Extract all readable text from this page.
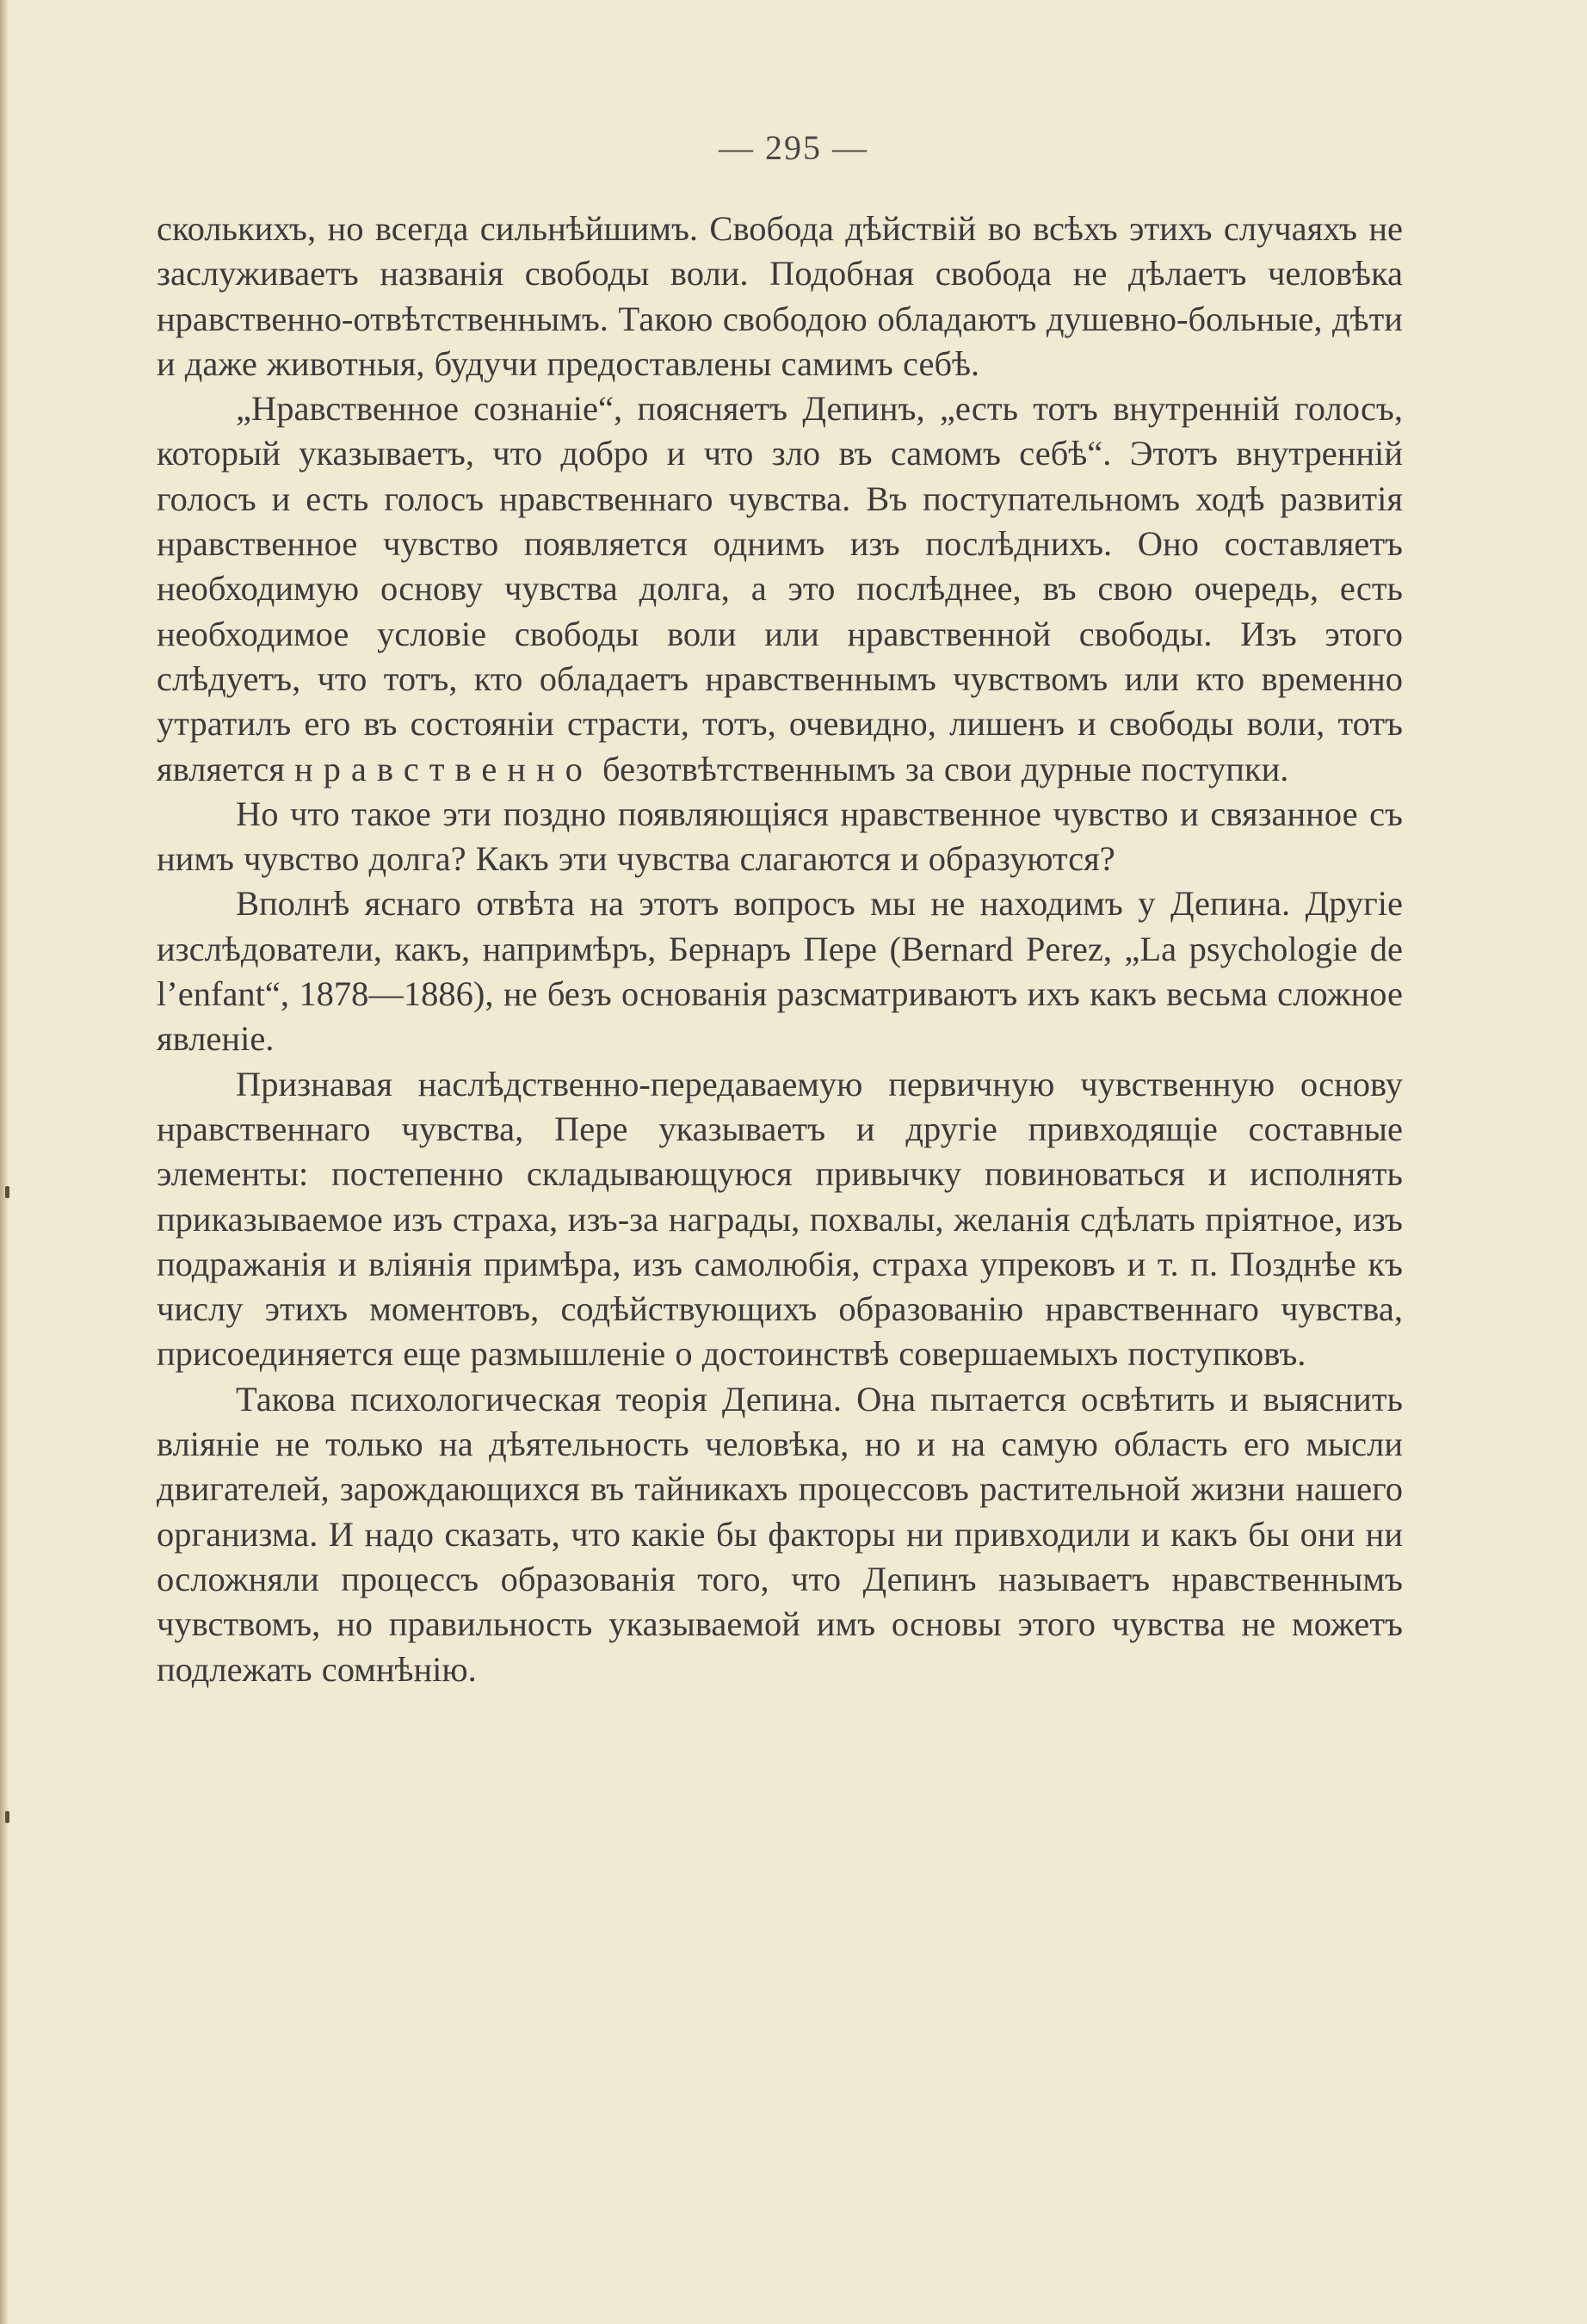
— 295 —

сколькихъ, но всегда сильнѣйшимъ. Свобода дѣйствій во всѣхъ этихъ случаяхъ не заслуживаетъ названія свободы воли. Подобная свобода не дѣлаетъ человѣка нравственно-отвѣтственнымъ. Такою свободою обладаютъ душевно-больные, дѣти и даже животныя, будучи предоставлены самимъ себѣ.

„Нравственное сознаніе“, поясняетъ Депинъ, „есть тотъ внутренній голосъ, который указываетъ, что добро и что зло въ самомъ себѣ“. Этотъ внутренній голосъ и есть голосъ нравственнаго чувства. Въ поступательномъ ходѣ развитія нравственное чувство появляется однимъ изъ послѣднихъ. Оно составляетъ необходимую основу чувства долга, а это послѣднее, въ свою очередь, есть необходимое условіе свободы воли или нравственной свободы. Изъ этого слѣдуетъ, что тотъ, кто обладаетъ нравственнымъ чувствомъ или кто временно утратилъ его въ состояніи страсти, тотъ, очевидно, лишенъ и свободы воли, тотъ является нравственно безотвѣтственнымъ за свои дурные поступки.

Но что такое эти поздно появляющіяся нравственное чувство и связанное съ нимъ чувство долга? Какъ эти чувства слагаются и образуются?

Вполнѣ яснаго отвѣта на этотъ вопросъ мы не находимъ у Депина. Другіе изслѣдователи, какъ, напримѣръ, Бернаръ Пере (Bernard Perez, „La psychologie de l’enfant“, 1878—1886), не безъ основанія разсматриваютъ ихъ какъ весьма сложное явленіе.

Признавая наслѣдственно-передаваемую первичную чувственную основу нравственнаго чувства, Пере указываетъ и другіе привходящіе составные элементы: постепенно складывающуюся привычку повиноваться и исполнять приказываемое изъ страха, изъ-за награды, похвалы, желанія сдѣлать пріятное, изъ подражанія и вліянія примѣра, изъ самолюбія, страха упрековъ и т. п. Позднѣе къ числу этихъ моментовъ, содѣйствующихъ образованію нравственнаго чувства, присоединяется еще размышленіе о достоинствѣ совершаемыхъ поступковъ.

Такова психологическая теорія Депина. Она пытается освѣтить и выяснить вліяніе не только на дѣятельность человѣка, но и на самую область его мысли двигателей, зарождающихся въ тайникахъ процессовъ растительной жизни нашего организма. И надо сказать, что какіе бы факторы ни привходили и какъ бы они ни осложняли процессъ образованія того, что Депинъ называетъ нравственнымъ чувствомъ, но правильность указываемой имъ основы этого чувства не можетъ подлежать сомнѣнію.
